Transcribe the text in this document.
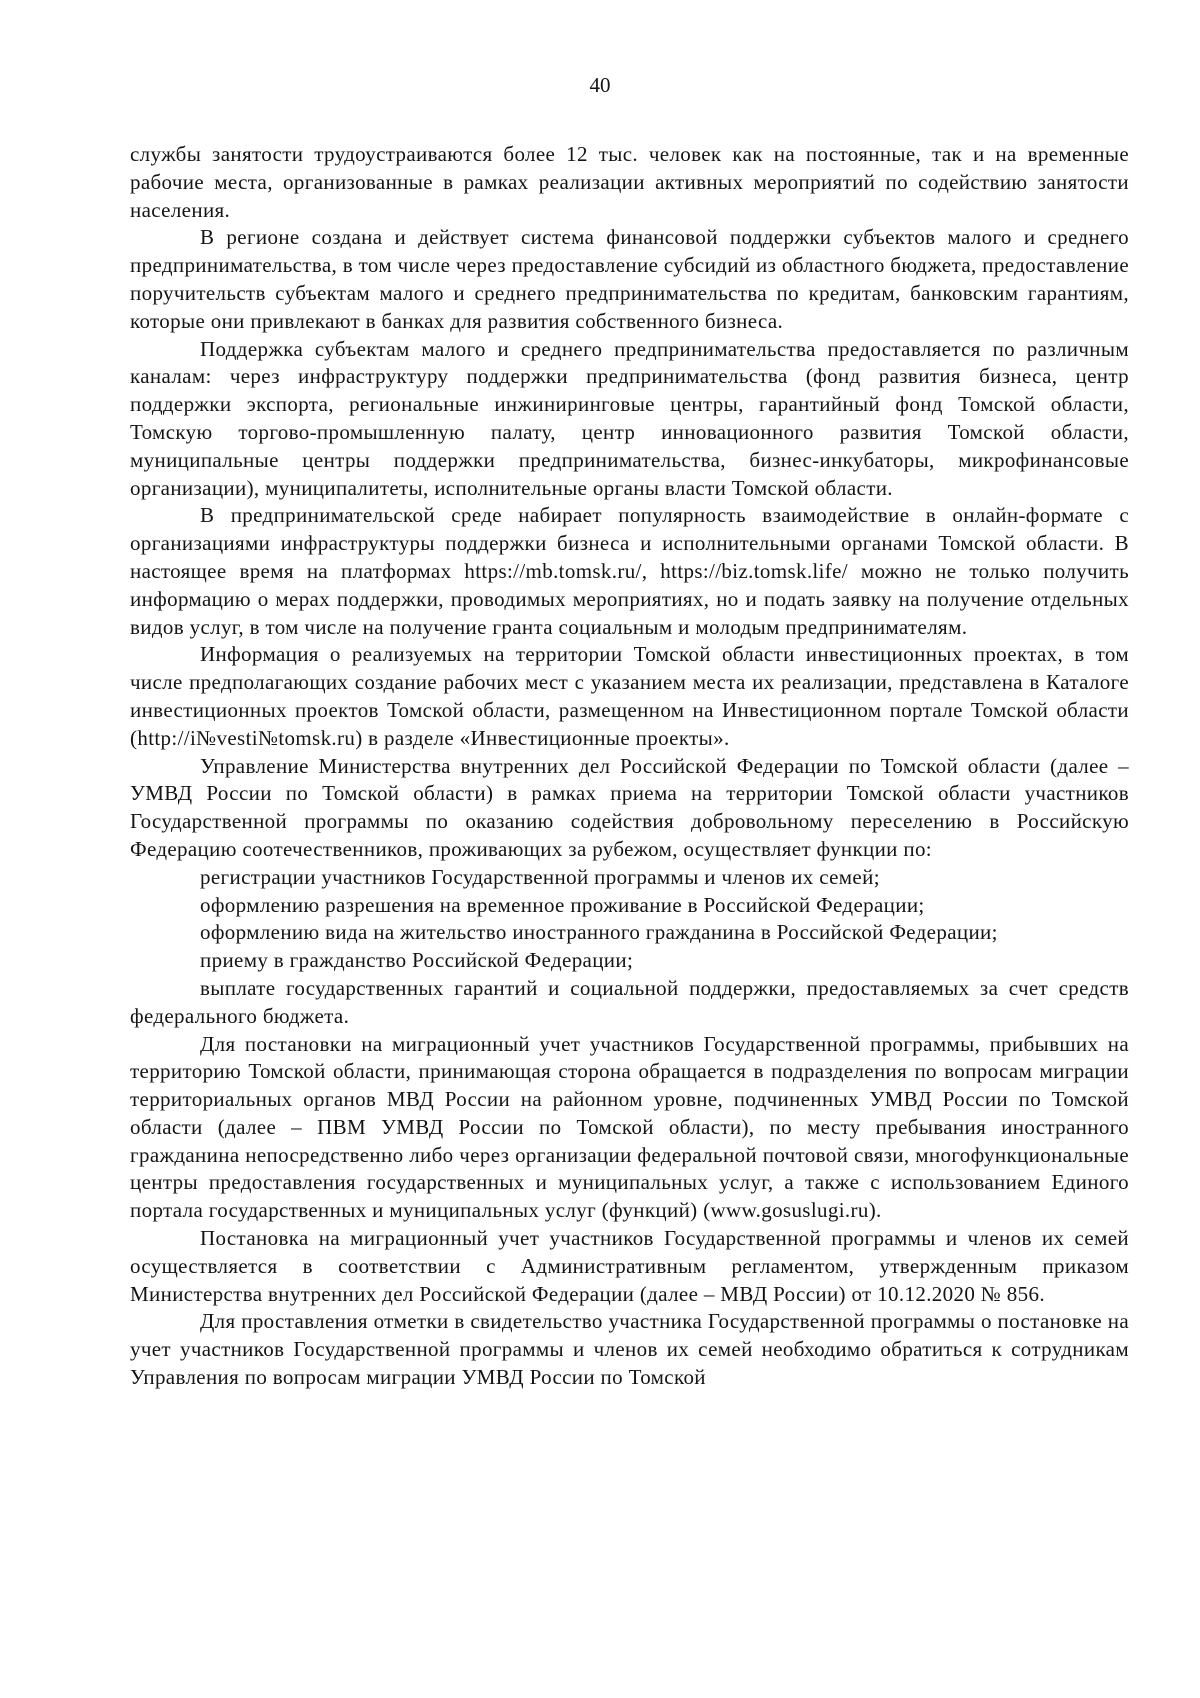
40

службы занятости трудоустраиваются более 12 тыс. человек как на постоянные, так и на временные рабочие места, организованные в рамках реализации активных мероприятий по содействию занятости населения.

В регионе создана и действует система финансовой поддержки субъектов малого и среднего предпринимательства, в том числе через предоставление субсидий из областного бюджета, предоставление поручительств субъектам малого и среднего предпринимательства по кредитам, банковским гарантиям, которые они привлекают в банках для развития собственного бизнеса.

Поддержка субъектам малого и среднего предпринимательства предоставляется по различным каналам: через инфраструктуру поддержки предпринимательства (фонд развития бизнеса, центр поддержки экспорта, региональные инжиниринговые центры, гарантийный фонд Томской области, Томскую торгово-промышленную палату, центр инновационного развития Томской области, муниципальные центры поддержки предпринимательства, бизнес-инкубаторы, микрофинансовые организации), муниципалитеты, исполнительные органы власти Томской области.

В предпринимательской среде набирает популярность взаимодействие в онлайн-формате с организациями инфраструктуры поддержки бизнеса и исполнительными органами Томской области. В настоящее время на платформах https://mb.tomsk.ru/, https://biz.tomsk.life/ можно не только получить информацию о мерах поддержки, проводимых мероприятиях, но и подать заявку на получение отдельных видов услуг, в том числе на получение гранта социальным и молодым предпринимателям.

Информация о реализуемых на территории Томской области инвестиционных проектах, в том числе предполагающих создание рабочих мест с указанием места их реализации, представлена в Каталоге инвестиционных проектов Томской области, размещенном на Инвестиционном портале Томской области (http://i№vesti№tomsk.ru) в разделе «Инвестиционные проекты».

Управление Министерства внутренних дел Российской Федерации по Томской области (далее – УМВД России по Томской области) в рамках приема на территории Томской области участников Государственной программы по оказанию содействия добровольному переселению в Российскую Федерацию соотечественников, проживающих за рубежом, осуществляет функции по:

регистрации участников Государственной программы и членов их семей;

оформлению разрешения на временное проживание в Российской Федерации;

оформлению вида на жительство иностранного гражданина в Российской Федерации;

приему в гражданство Российской Федерации;

выплате государственных гарантий и социальной поддержки, предоставляемых за счет средств федерального бюджета.

Для постановки на миграционный учет участников Государственной программы, прибывших на территорию Томской области, принимающая сторона обращается в подразделения по вопросам миграции территориальных органов МВД России на районном уровне, подчиненных УМВД России по Томской области (далее – ПВМ УМВД России по Томской области), по месту пребывания иностранного гражданина непосредственно либо через организации федеральной почтовой связи, многофункциональные центры предоставления государственных и муниципальных услуг, а также с использованием Единого портала государственных и муниципальных услуг (функций) (www.gosuslugi.ru).

Постановка на миграционный учет участников Государственной программы и членов их семей осуществляется в соответствии с Административным регламентом, утвержденным приказом Министерства внутренних дел Российской Федерации (далее – МВД России) от 10.12.2020 № 856.

Для проставления отметки в свидетельство участника Государственной программы о постановке на учет участников Государственной программы и членов их семей необходимо обратиться к сотрудникам Управления по вопросам миграции УМВД России по Томской
